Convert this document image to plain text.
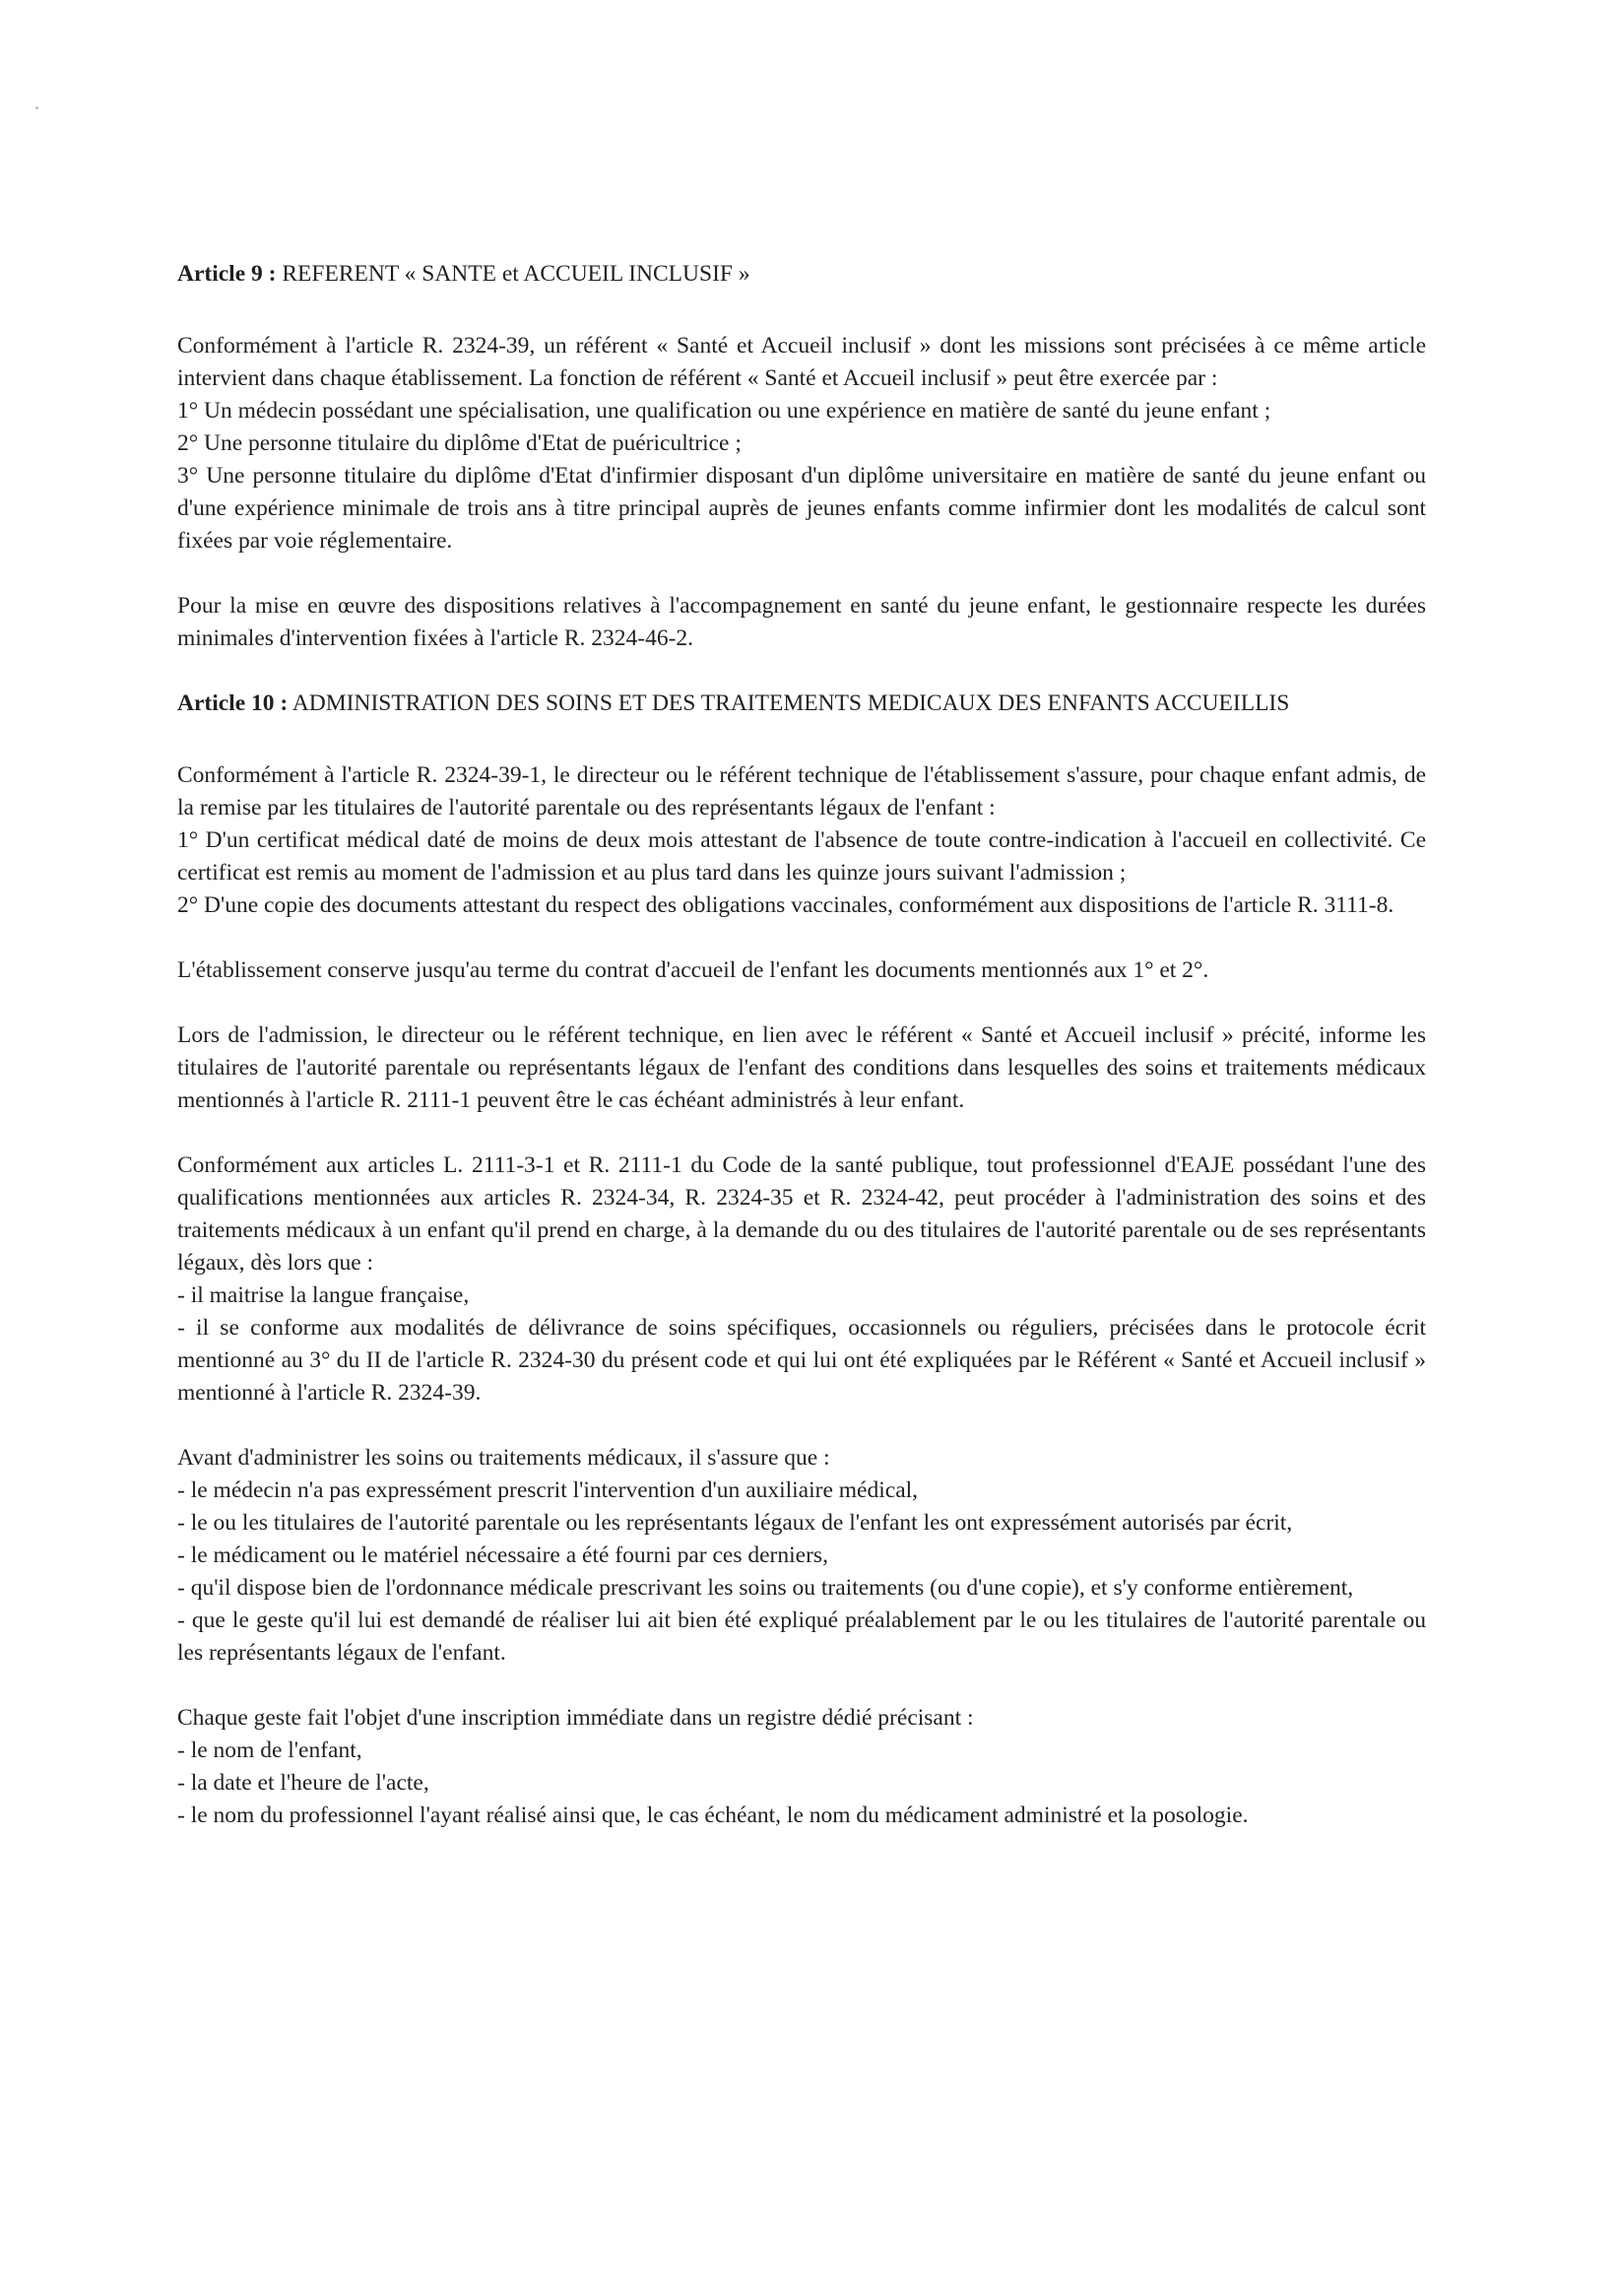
Article 9 : REFERENT « SANTE et ACCUEIL INCLUSIF »

Conformément à l'article R. 2324-39, un référent « Santé et Accueil inclusif » dont les missions sont précisées à ce même article intervient dans chaque établissement. La fonction de référent « Santé et Accueil inclusif » peut être exercée par :

1° Un médecin possédant une spécialisation, une qualification ou une expérience en matière de santé du jeune enfant ;

2° Une personne titulaire du diplôme d'Etat de puéricultrice ;

3° Une personne titulaire du diplôme d'Etat d'infirmier disposant d'un diplôme universitaire en matière de santé du jeune enfant ou d'une expérience minimale de trois ans à titre principal auprès de jeunes enfants comme infirmier dont les modalités de calcul sont fixées par voie réglementaire.

Pour la mise en œuvre des dispositions relatives à l'accompagnement en santé du jeune enfant, le gestionnaire respecte les durées minimales d'intervention fixées à l'article R. 2324-46-2.

Article 10 : ADMINISTRATION DES SOINS ET DES TRAITEMENTS MEDICAUX DES ENFANTS ACCUEILLIS

Conformément à l'article R. 2324-39-1, le directeur ou le référent technique de l'établissement s'assure, pour chaque enfant admis, de la remise par les titulaires de l'autorité parentale ou des représentants légaux de l'enfant :

1° D'un certificat médical daté de moins de deux mois attestant de l'absence de toute contre-indication à l'accueil en collectivité. Ce certificat est remis au moment de l'admission et au plus tard dans les quinze jours suivant l'admission ;

2° D'une copie des documents attestant du respect des obligations vaccinales, conformément aux dispositions de l'article R. 3111-8.

L'établissement conserve jusqu'au terme du contrat d'accueil de l'enfant les documents mentionnés aux 1° et 2°.

Lors de l'admission, le directeur ou le référent technique, en lien avec le référent « Santé et Accueil inclusif » précité, informe les titulaires de l'autorité parentale ou représentants légaux de l'enfant des conditions dans lesquelles des soins et traitements médicaux mentionnés à l'article R. 2111-1 peuvent être le cas échéant administrés à leur enfant.

Conformément aux articles L. 2111-3-1 et R. 2111-1 du Code de la santé publique, tout professionnel d'EAJE possédant l'une des qualifications mentionnées aux articles R. 2324-34, R. 2324-35 et R. 2324-42, peut procéder à l'administration des soins et des traitements médicaux à un enfant qu'il prend en charge, à la demande du ou des titulaires de l'autorité parentale ou de ses représentants légaux, dès lors que :

- il maitrise la langue française,

- il se conforme aux modalités de délivrance de soins spécifiques, occasionnels ou réguliers, précisées dans le protocole écrit mentionné au 3° du II de l'article R. 2324-30 du présent code et qui lui ont été expliquées par le Référent « Santé et Accueil inclusif » mentionné à l'article R. 2324-39.

Avant d'administrer les soins ou traitements médicaux, il s'assure que :

- le médecin n'a pas expressément prescrit l'intervention d'un auxiliaire médical,

- le ou les titulaires de l'autorité parentale ou les représentants légaux de l'enfant les ont expressément autorisés par écrit,

- le médicament ou le matériel nécessaire a été fourni par ces derniers,

- qu'il dispose bien de l'ordonnance médicale prescrivant les soins ou traitements (ou d'une copie), et s'y conforme entièrement,

- que le geste qu'il lui est demandé de réaliser lui ait bien été expliqué préalablement par le ou les titulaires de l'autorité parentale ou les représentants légaux de l'enfant.

Chaque geste fait l'objet d'une inscription immédiate dans un registre dédié précisant :

- le nom de l'enfant,

- la date et l'heure de l'acte,

- le nom du professionnel l'ayant réalisé ainsi que, le cas échéant, le nom du médicament administré et la posologie.
